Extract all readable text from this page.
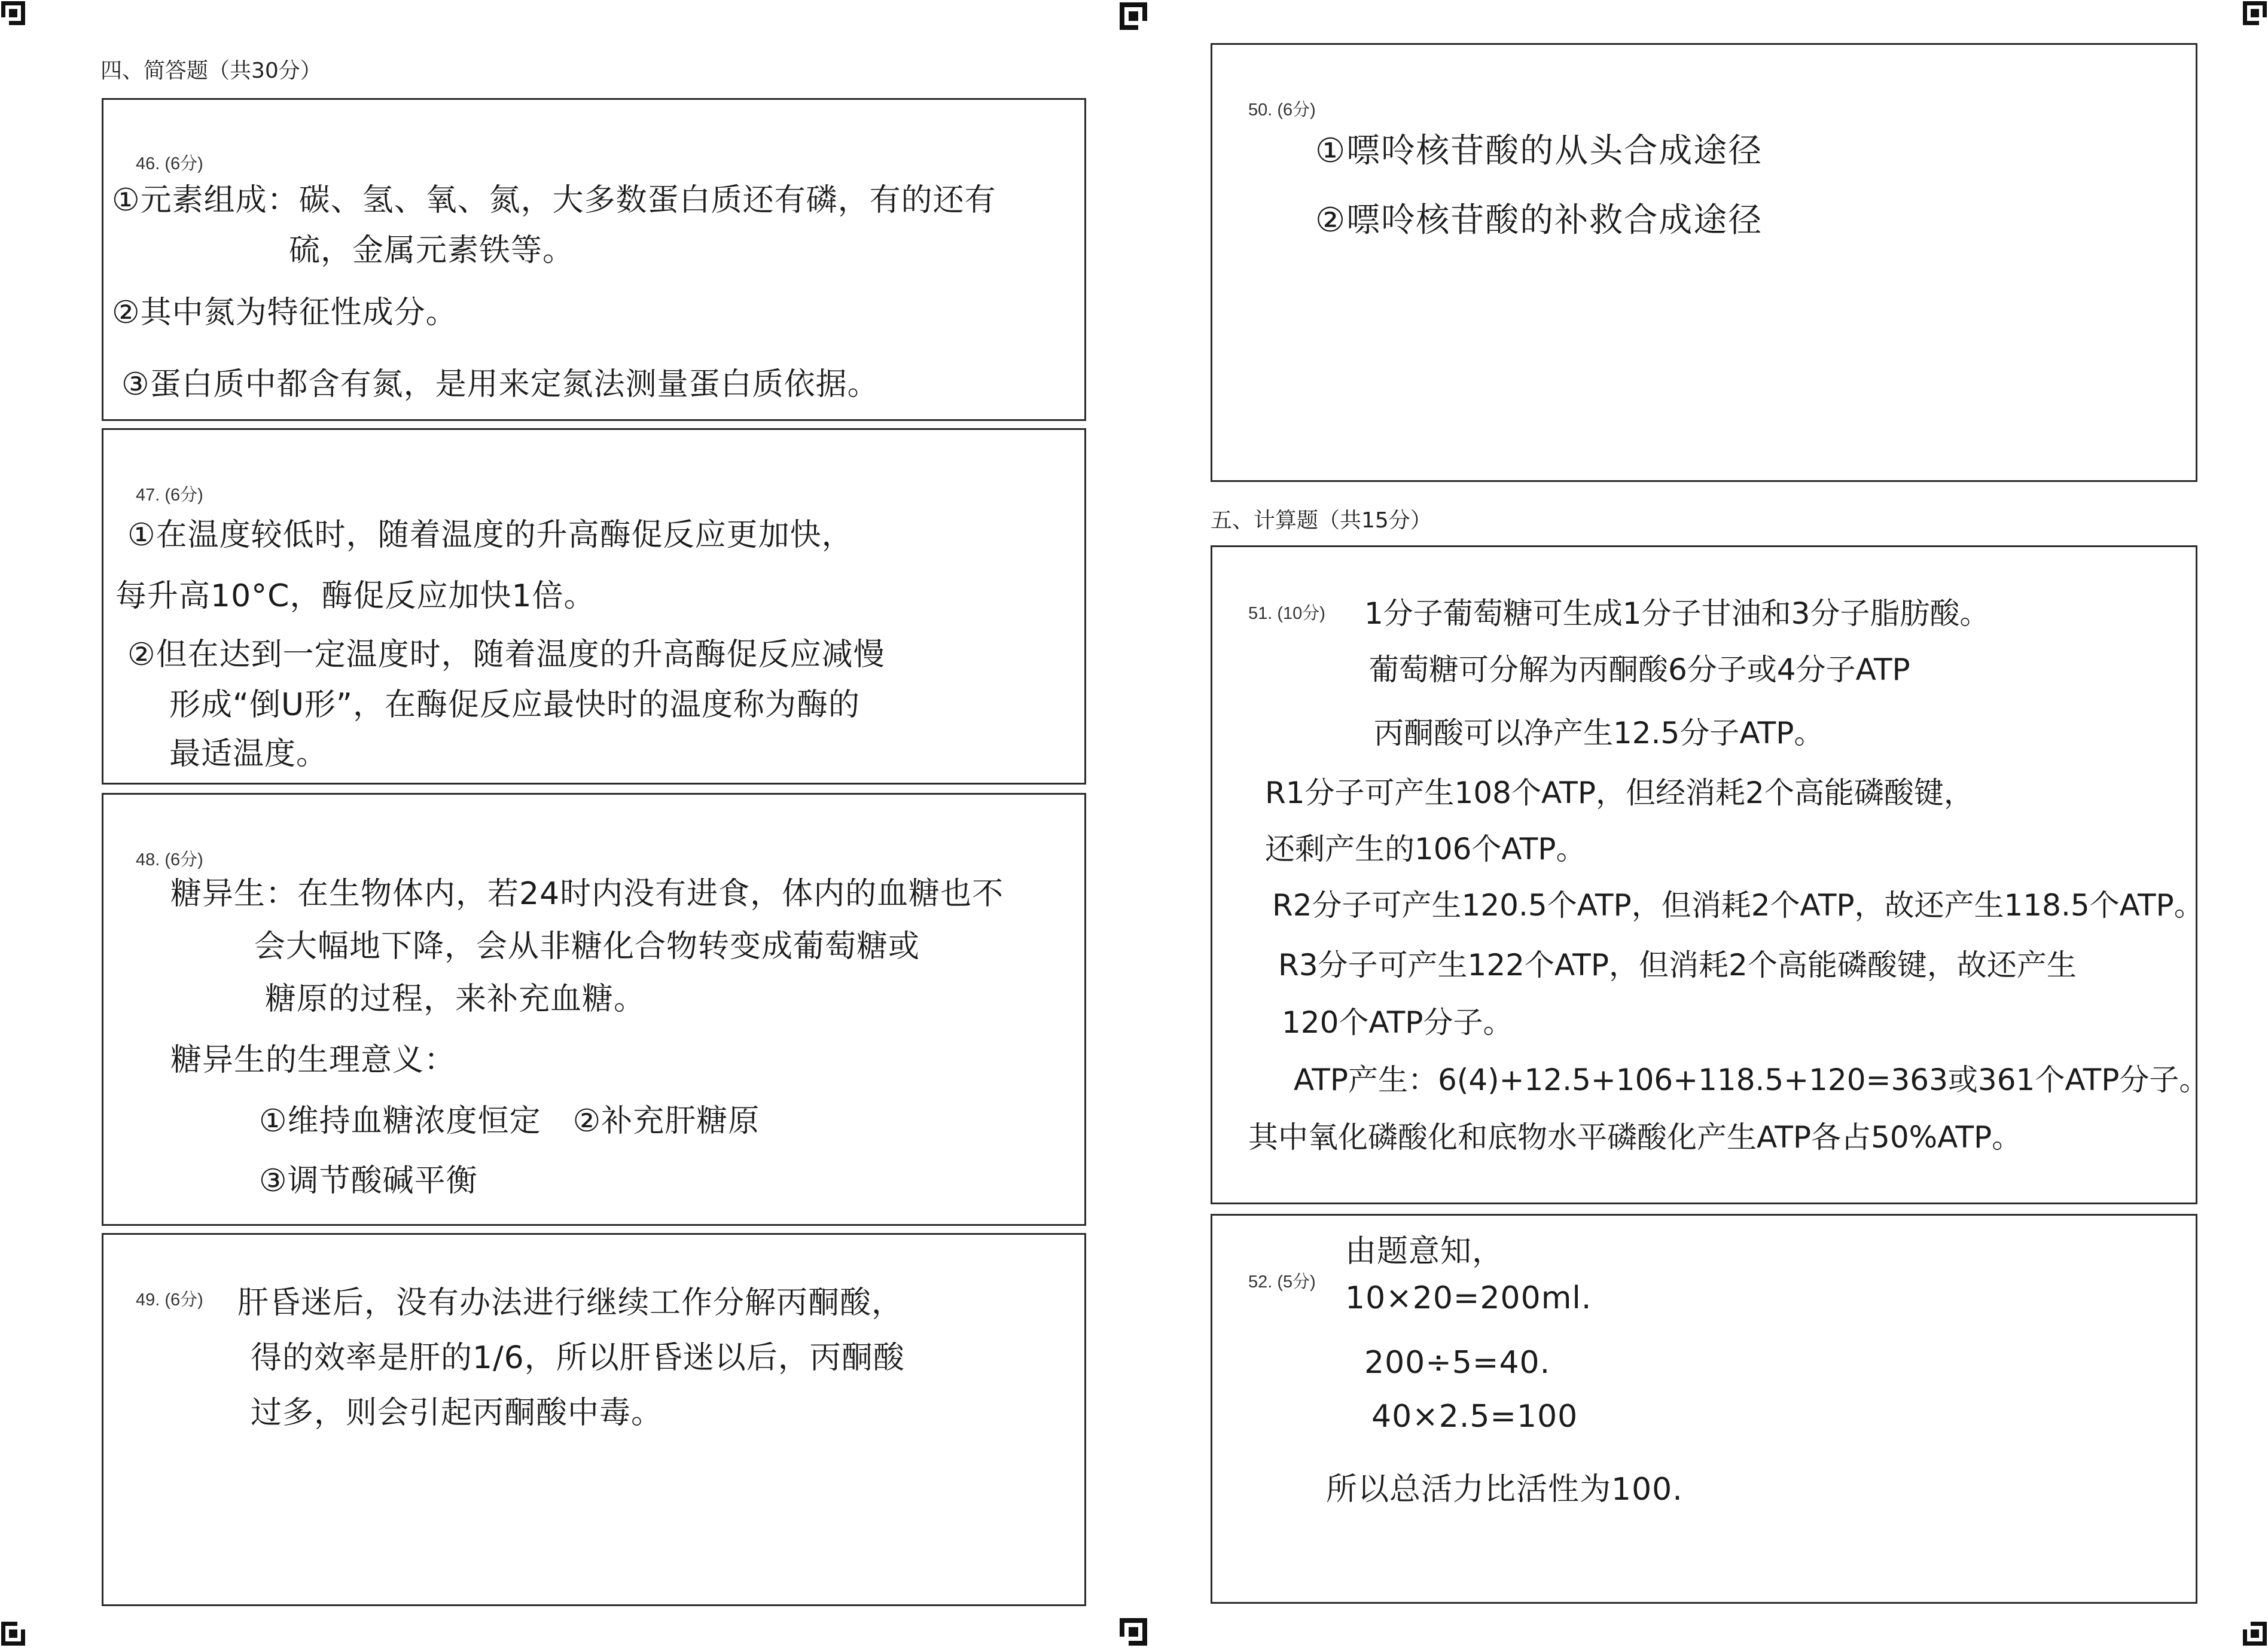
四、简答题（共30分）
五、计算题（共15分）
46. (6分)

①元素组成：碳、氢、氧、氮，大多数蛋白质还有磷，有的还有

硫，金属元素铁等。

②其中氮为特征性成分。

③蛋白质中都含有氮，是用来定氮法测量蛋白质依据。

47. (6分)

①在温度较低时，随着温度的升高酶促反应更加快，

每升高10°C，酶促反应加快1倍。

②但在达到一定温度时，随着温度的升高酶促反应减慢

形成“倒U形”，在酶促反应最快时的温度称为酶的

最适温度。

48. (6分)

糖异生：在生物体内，若24时内没有进食，体内的血糖也不

会大幅地下降，会从非糖化合物转变成葡萄糖或

糖原的过程，来补充血糖。

糖异生的生理意义：

①维持血糖浓度恒定　②补充肝糖原

③调节酸碱平衡

49. (6分) 肝昏迷后，没有办法进行继续工作分解丙酮酸，

得的效率是肝的1/6，所以肝昏迷以后，丙酮酸

过多，则会引起丙酮酸中毒。

50. (6分)

①嘌呤核苷酸的从头合成途径

②嘌呤核苷酸的补救合成途径

51. (10分) 1分子葡萄糖可生成1分子甘油和3分子脂肪酸。

葡萄糖可分解为丙酮酸6分子或4分子ATP

丙酮酸可以净产生12.5分子ATP。

R1分子可产生108个ATP，但经消耗2个高能磷酸键，

还剩产生的106个ATP。

R2分子可产生120.5个ATP，但消耗2个ATP，故还产生118.5个ATP。

R3分子可产生122个ATP，但消耗2个高能磷酸键，故还产生

120个ATP分子。

ATP产生：6(4)+12.5+106+118.5+120=363或361个ATP分子。

其中氧化磷酸化和底物水平磷酸化产生ATP各占50%ATP。

52. (5分)

由题意知，

10×20=200ml.

200÷5=40.

40×2.5=100

所以总活力比活性为100.
